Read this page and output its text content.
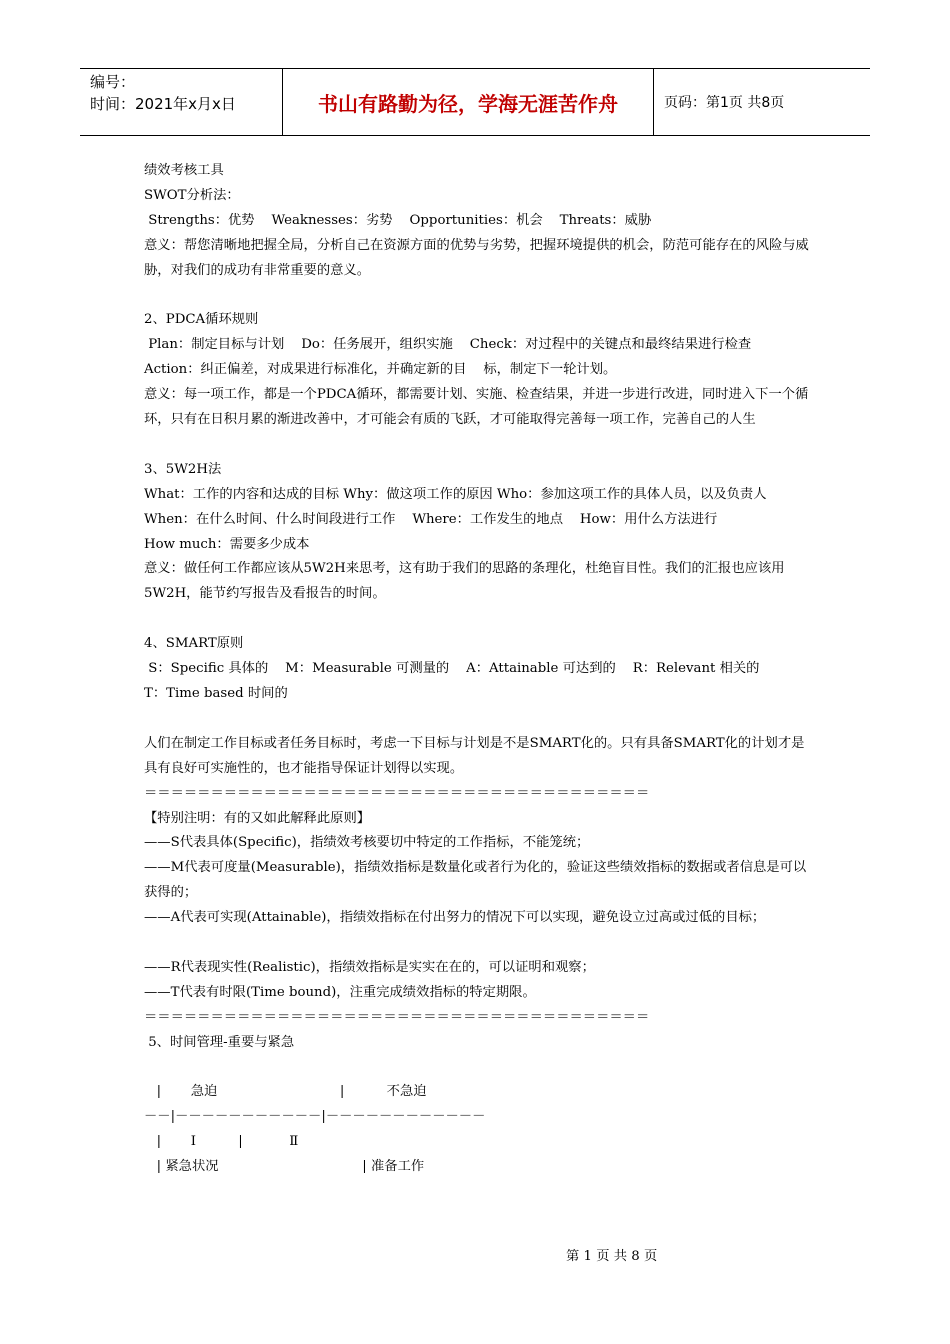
编号：
时间：2021年x月x日	书山有路勤为径，学海无涯苦作舟	页码：第1页 共8页
绩效考核工具
SWOT分析法：
Strengths：优势    Weaknesses：劣势    Opportunities：机会    Threats：威胁
意义：帮您清晰地把握全局，分析自己在资源方面的优势与劣势，把握环境提供的机会，防范可能存在的风险与威胁，对我们的成功有非常重要的意义。
2、PDCA循环规则
Plan：制定目标与计划    Do：任务展开，组织实施    Check：对过程中的关键点和最终结果进行检查
Action：纠正偏差，对成果进行标准化，并确定新的目    标，制定下一轮计划。
意义：每一项工作，都是一个PDCA循环，都需要计划、实施、检查结果，并进一步进行改进，同时进入下一个循环，只有在日积月累的渐进改善中，才可能会有质的飞跃，才可能取得完善每一项工作，完善自己的人生
3、5W2H法
What：工作的内容和达成的目标 Why：做这项工作的原因 Who：参加这项工作的具体人员，以及负责人
When：在什么时间、什么时间段进行工作    Where：工作发生的地点    How：用什么方法进行
How much：需要多少成本
意义：做任何工作都应该从5W2H来思考，这有助于我们的思路的条理化，杜绝盲目性。我们的汇报也应该用5W2H，能节约写报告及看报告的时间。
4、SMART原则
S：Specific 具体的    M：Measurable 可测量的    A：Attainable 可达到的    R：Relevant 相关的
T：Time based 时间的
人们在制定工作目标或者任务目标时，考虑一下目标与计划是不是SMART化的。只有具备SMART化的计划才是具有良好可实施性的，也才能指导保证计划得以实现。
＝＝＝＝＝＝＝＝＝＝＝＝＝＝＝＝＝＝＝＝＝＝＝＝＝＝＝＝＝＝＝＝＝＝＝＝＝＝
【特别注明：有的又如此解释此原则】
——S代表具体(Specific)，指绩效考核要切中特定的工作指标，不能笼统；
——M代表可度量(Measurable)，指绩效指标是数量化或者行为化的，验证这些绩效指标的数据或者信息是可以获得的；
——A代表可实现(Attainable)，指绩效指标在付出努力的情况下可以实现，避免设立过高或过低的目标；
——R代表现实性(Realistic)，指绩效指标是实实在在的，可以证明和观察；
——T代表有时限(Time bound)，注重完成绩效指标的特定期限。
＝＝＝＝＝＝＝＝＝＝＝＝＝＝＝＝＝＝＝＝＝＝＝＝＝＝＝＝＝＝＝＝＝＝＝＝＝＝
5、时间管理-重要与紧急
|       急迫                             |          不急迫
－－|－－－－－－－－－－－|－－－－－－－－－－－－
|       Ⅰ          |           Ⅱ
| 紧急状况                                  | 准备工作
第 1 页 共 8 页
